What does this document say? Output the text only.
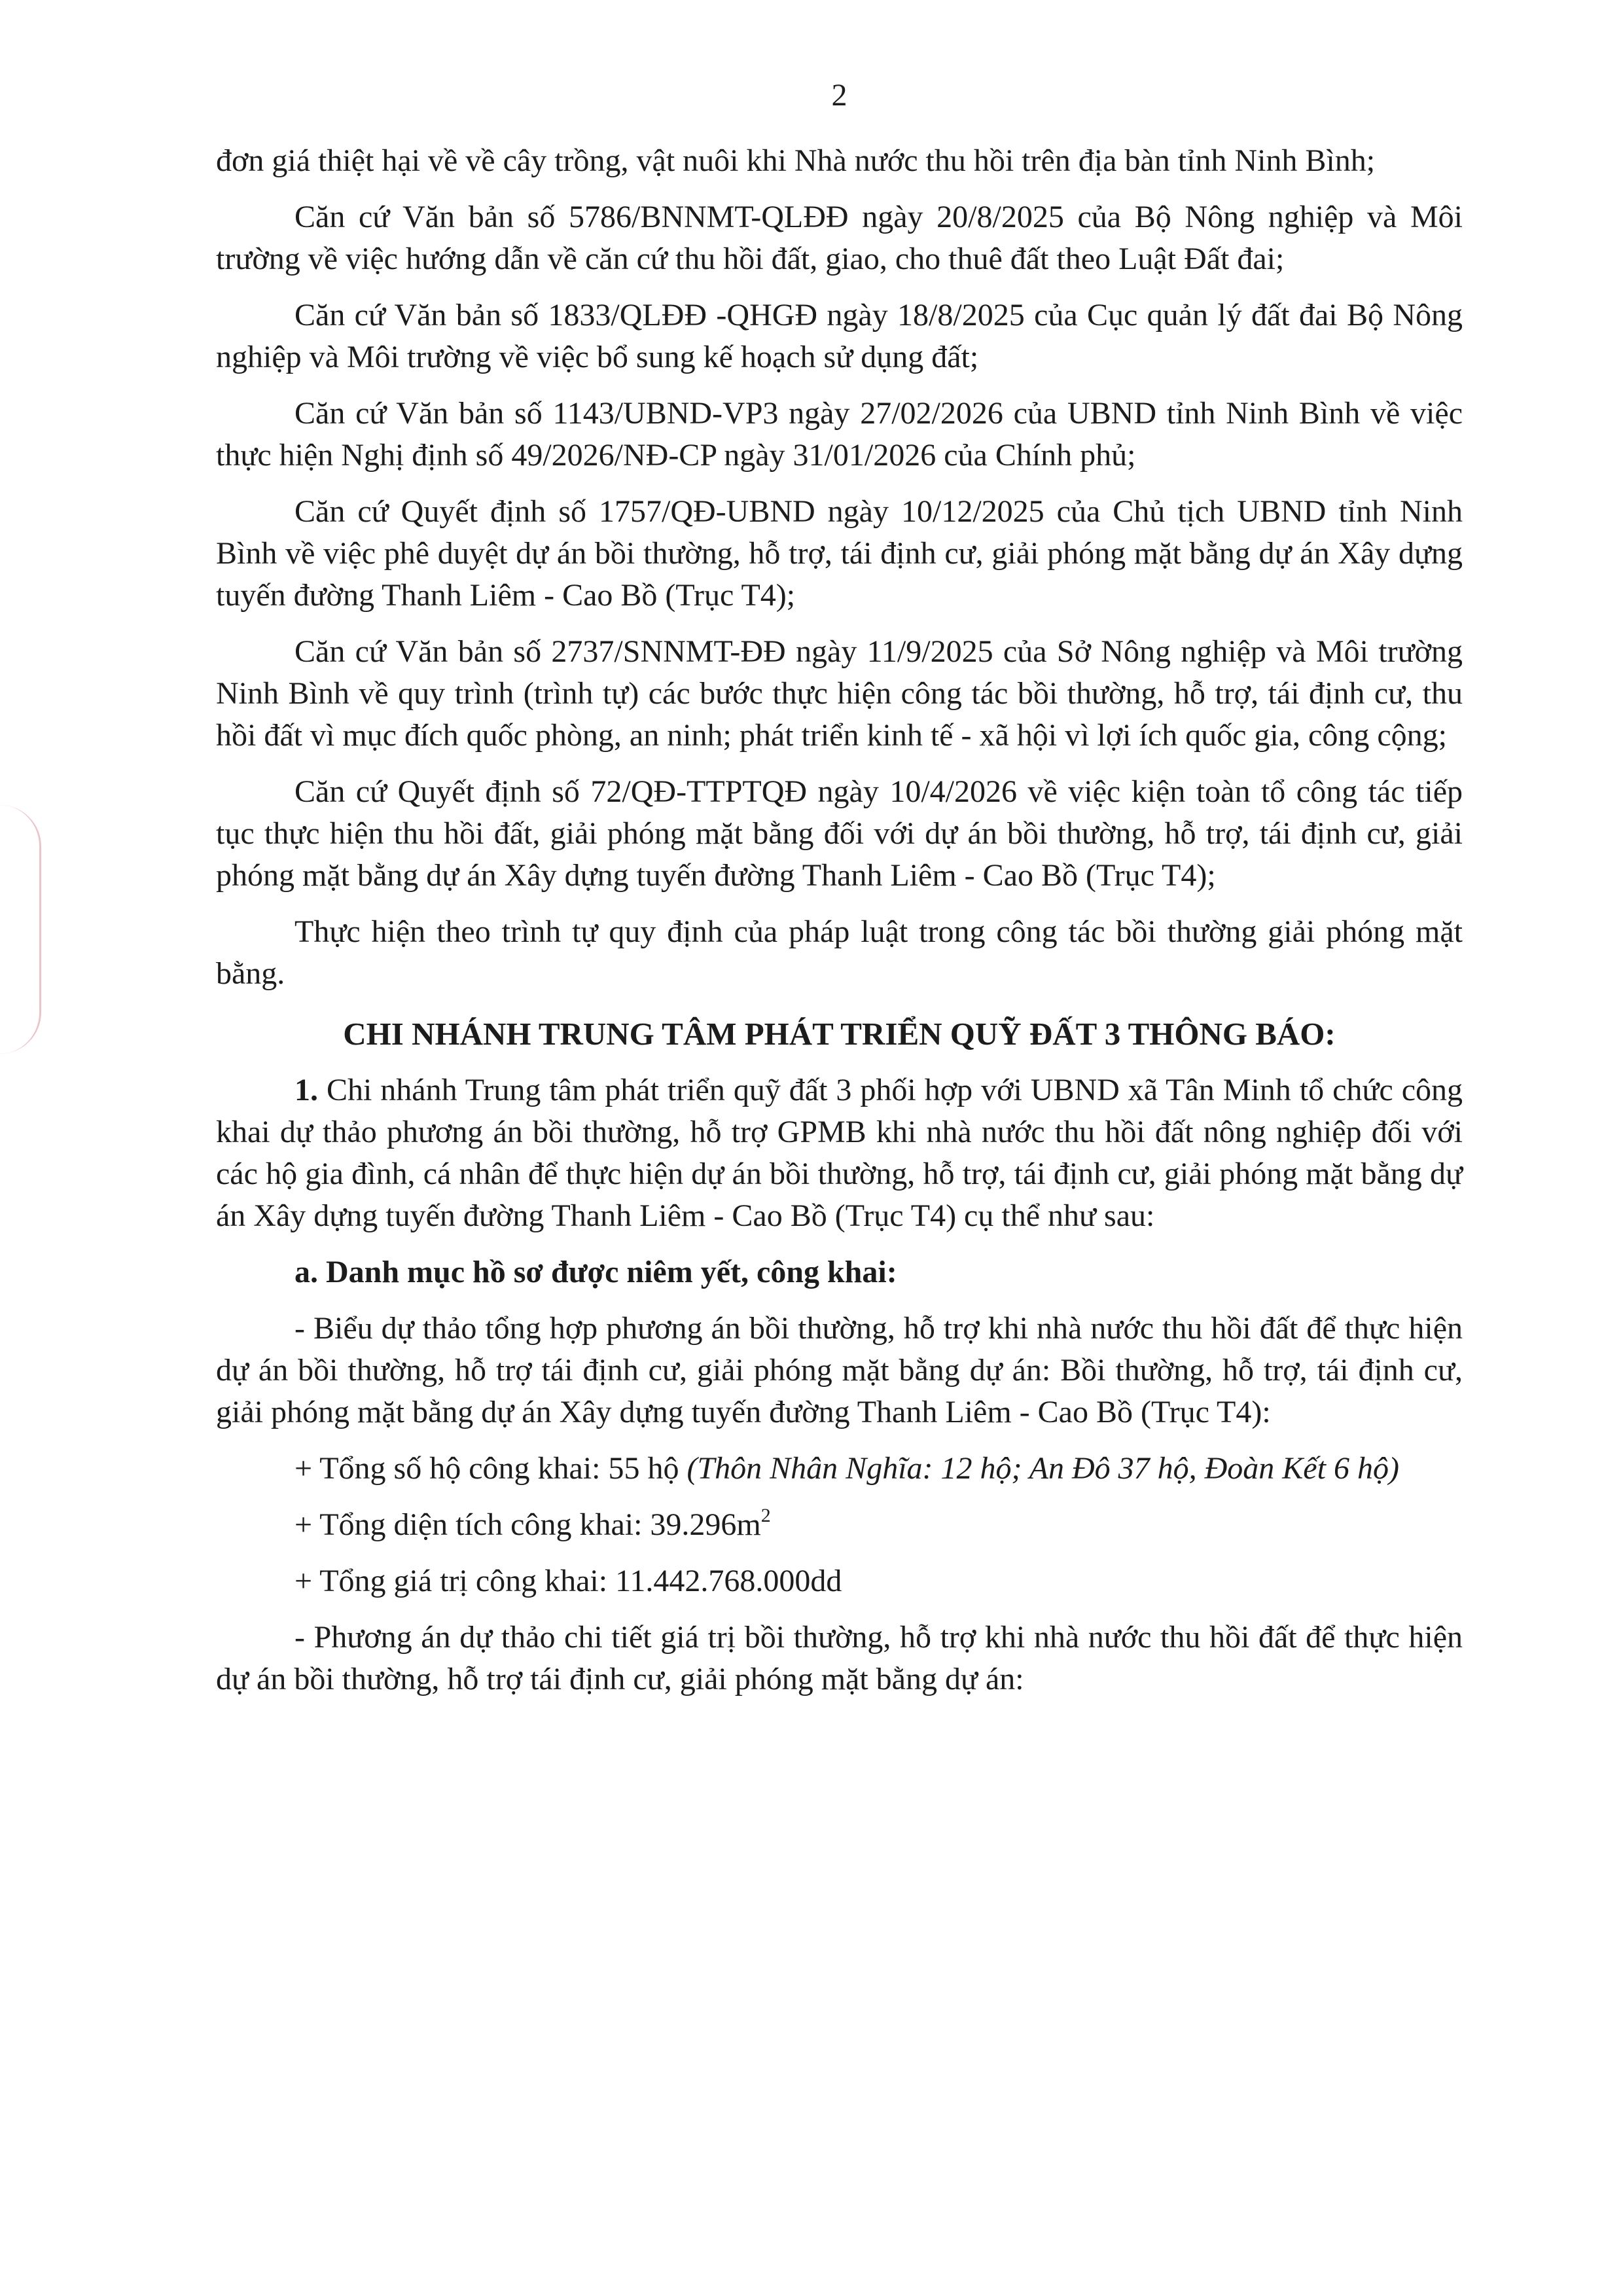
2

đơn giá thiệt hại về về cây trồng, vật nuôi khi Nhà nước thu hồi trên địa bàn tỉnh Ninh Bình;

Căn cứ Văn bản số 5786/BNNMT-QLĐĐ ngày 20/8/2025 của Bộ Nông nghiệp và Môi trường về việc hướng dẫn về căn cứ thu hồi đất, giao, cho thuê đất theo Luật Đất đai;

Căn cứ Văn bản số 1833/QLĐĐ -QHGĐ ngày 18/8/2025 của Cục quản lý đất đai Bộ Nông nghiệp và Môi trường về việc bổ sung kế hoạch sử dụng đất;

Căn cứ Văn bản số 1143/UBND-VP3 ngày 27/02/2026 của UBND tỉnh Ninh Bình về việc thực hiện Nghị định số 49/2026/NĐ-CP ngày 31/01/2026 của Chính phủ;

Căn cứ Quyết định số 1757/QĐ-UBND ngày 10/12/2025 của Chủ tịch UBND tỉnh Ninh Bình về việc phê duyệt dự án bồi thường, hỗ trợ, tái định cư, giải phóng mặt bằng dự án Xây dựng tuyến đường Thanh Liêm - Cao Bồ (Trục T4);

Căn cứ Văn bản số 2737/SNNMT-ĐĐ ngày 11/9/2025 của Sở Nông nghiệp và Môi trường Ninh Bình về quy trình (trình tự) các bước thực hiện công tác bồi thường, hỗ trợ, tái định cư, thu hồi đất vì mục đích quốc phòng, an ninh; phát triển kinh tế - xã hội vì lợi ích quốc gia, công cộng;

Căn cứ Quyết định số 72/QĐ-TTPTQĐ ngày 10/4/2026 về việc kiện toàn tổ công tác tiếp tục thực hiện thu hồi đất, giải phóng mặt bằng đối với dự án bồi thường, hỗ trợ, tái định cư, giải phóng mặt bằng dự án Xây dựng tuyến đường Thanh Liêm - Cao Bồ (Trục T4);

Thực hiện theo trình tự quy định của pháp luật trong công tác bồi thường giải phóng mặt bằng.

CHI NHÁNH TRUNG TÂM PHÁT TRIỂN QUỸ ĐẤT 3 THÔNG BÁO:

1. Chi nhánh Trung tâm phát triển quỹ đất 3 phối hợp với UBND xã Tân Minh tổ chức công khai dự thảo phương án bồi thường, hỗ trợ GPMB khi nhà nước thu hồi đất nông nghiệp đối với các hộ gia đình, cá nhân để thực hiện dự án bồi thường, hỗ trợ, tái định cư, giải phóng mặt bằng dự án Xây dựng tuyến đường Thanh Liêm - Cao Bồ (Trục T4) cụ thể như sau:

a. Danh mục hồ sơ được niêm yết, công khai:

- Biểu dự thảo tổng hợp phương án bồi thường, hỗ trợ khi nhà nước thu hồi đất để thực hiện dự án bồi thường, hỗ trợ tái định cư, giải phóng mặt bằng dự án: Bồi thường, hỗ trợ, tái định cư, giải phóng mặt bằng dự án Xây dựng tuyến đường Thanh Liêm - Cao Bồ (Trục T4):

+ Tổng số hộ công khai: 55 hộ (Thôn Nhân Nghĩa: 12 hộ; An Đô 37 hộ, Đoàn Kết 6 hộ)

+ Tổng diện tích công khai: $39.296m^2$

+ Tổng giá trị công khai: 11.442.768.000dd

- Phương án dự thảo chi tiết giá trị bồi thường, hỗ trợ khi nhà nước thu hồi đất để thực hiện dự án bồi thường, hỗ trợ tái định cư, giải phóng mặt bằng dự án:
